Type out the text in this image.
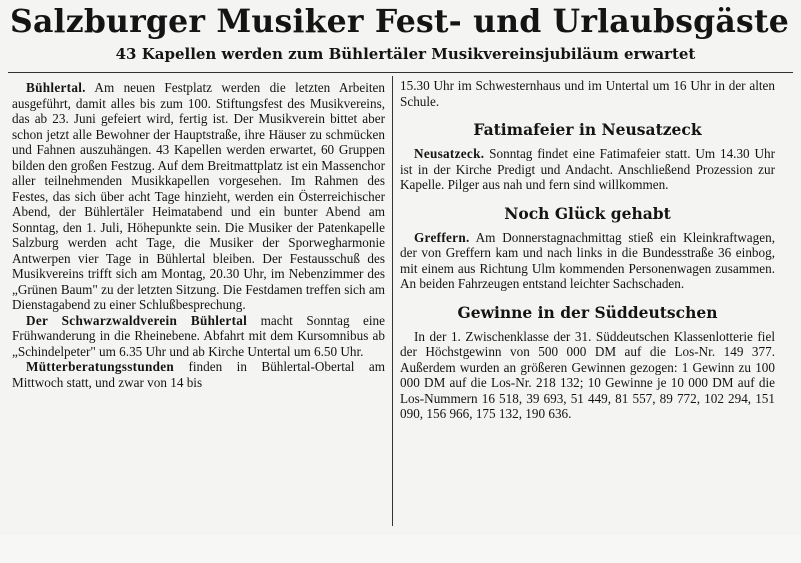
Salzburger Musiker Fest- und Urlaubsgäste
43 Kapellen werden zum Bühlertäler Musikvereinsjubiläum erwartet

Bühlertal. Am neuen Festplatz werden die letzten Arbeiten ausgeführt, damit alles bis zum 100. Stiftungsfest des Musikvereins, das ab 23. Juni gefeiert wird, fertig ist. Der Musikverein bittet aber schon jetzt alle Bewohner der Hauptstraße, ihre Häuser zu schmücken und Fahnen auszuhängen. 43 Kapellen werden erwartet, 60 Gruppen bilden den großen Festzug. Auf dem Breitmattplatz ist ein Massenchor aller teilnehmenden Musikkapellen vorgesehen. Im Rahmen des Festes, das sich über acht Tage hinzieht, werden ein Österreichischer Abend, der Bühlertäler Heimatabend und ein bunter Abend am Sonntag, den 1. Juli, Höhepunkte sein. Die Musiker der Patenkapelle Salzburg werden acht Tage, die Musiker der Sporwegharmonie Antwerpen vier Tage in Bühlertal bleiben. Der Festausschuß des Musikvereins trifft sich am Montag, 20.30 Uhr, im Nebenzimmer des „Grünen Baum" zu der letzten Sitzung. Die Festdamen treffen sich am Dienstagabend zu einer Schlußbesprechung.

Der Schwarzwaldverein Bühlertal macht Sonntag eine Frühwanderung in die Rheinebene. Abfahrt mit dem Kursomnibus ab „Schindelpeter" um 6.35 Uhr und ab Kirche Untertal um 6.50 Uhr.

Mütterberatungsstunden finden in Bühlertal-Obertal am Mittwoch statt, und zwar von 14 bis

15.30 Uhr im Schwesternhaus und im Untertal um 16 Uhr in der alten Schule.

Fatimafeier in Neusatzeck

Neusatzeck. Sonntag findet eine Fatimafeier statt. Um 14.30 Uhr ist in der Kirche Predigt und Andacht. Anschließend Prozession zur Kapelle. Pilger aus nah und fern sind willkommen.

Noch Glück gehabt

Greffern. Am Donnerstagnachmittag stieß ein Kleinkraftwagen, der von Greffern kam und nach links in die Bundesstraße 36 einbog, mit einem aus Richtung Ulm kommenden Personenwagen zusammen. An beiden Fahrzeugen entstand leichter Sachschaden.

Gewinne in der Süddeutschen

In der 1. Zwischenklasse der 31. Süddeutschen Klassenlotterie fiel der Höchstgewinn von 500 000 DM auf die Los-Nr. 149 377. Außerdem wurden an größeren Gewinnen gezogen: 1 Gewinn zu 100 000 DM auf die Los-Nr. 218 132; 10 Gewinne je 10 000 DM auf die Los-Nummern 16 518, 39 693, 51 449, 81 557, 89 772, 102 294, 151 090, 156 966, 175 132, 190 636.
